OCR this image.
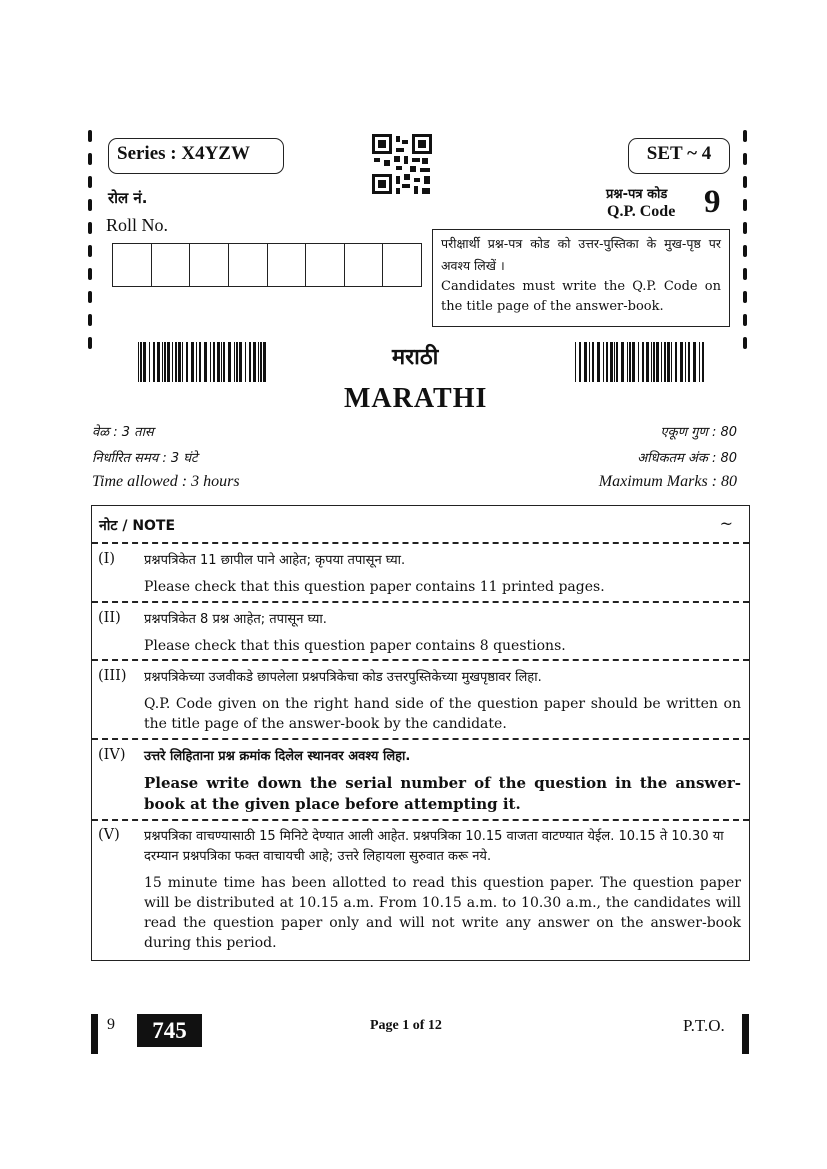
Series : X4YZW	SET ~ 4
रोल नं.
Roll No.
प्रश्न-पत्र कोड
Q.P. Code 9
परीक्षार्थी प्रश्न-पत्र कोड को उत्तर-पुस्तिका के मुख-पृष्ठ पर अवश्य लिखें ।
Candidates must write the Q.P. Code on the title page of the answer-book.
मराठी
MARATHI
वेळ : 3 तास
निर्धारित समय : 3 घंटे
Time allowed : 3 hours
एकूण गुण : 80
अधिकतम अंक : 80
Maximum Marks : 80
नोट / NOTE	~
(I) प्रश्नपत्रिकेत 11 छापील पाने आहेत; कृपया तपासून घ्या.
Please check that this question paper contains 11 printed pages.
(II) प्रश्नपत्रिकेत 8 प्रश्न आहेत; तपासून घ्या.
Please check that this question paper contains 8 questions.
(III) प्रश्नपत्रिकेच्या उजवीकडे छापलेला प्रश्नपत्रिकेचा कोड उत्तरपुस्तिकेच्या मुखपृष्ठावर लिहा.
Q.P. Code given on the right hand side of the question paper should be written on the title page of the answer-book by the candidate.
(IV) उत्तरे लिहिताना प्रश्न क्रमांक दिलेल स्थानवर अवश्य लिहा.
Please write down the serial number of the question in the answer-book at the given place before attempting it.
(V) प्रश्नपत्रिका वाचण्यासाठी 15 मिनिटे देण्यात आली आहेत. प्रश्नपत्रिका 10.15 वाजता वाटण्यात येईल. 10.15 ते 10.30 या दरम्यान प्रश्नपत्रिका फक्त वाचायची आहे; उत्तरे लिहायला सुरुवात करू नये.
15 minute time has been allotted to read this question paper. The question paper will be distributed at 10.15 a.m. From 10.15 a.m. to 10.30 a.m., the candidates will read the question paper only and will not write any answer on the answer-book during this period.
9	745	Page 1 of 12	P.T.O.
